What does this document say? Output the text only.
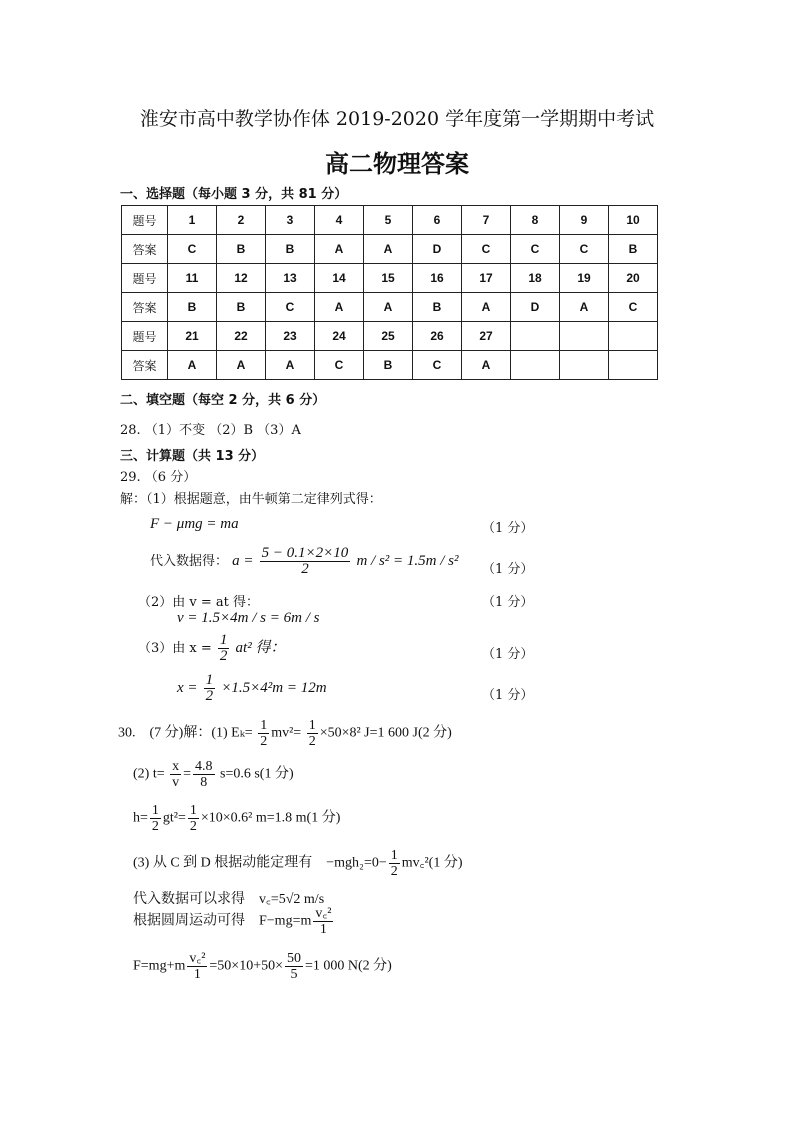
淮安市高中教学协作体 2019-2020 学年度第一学期期中考试
高二物理答案
一、选择题（每小题 3 分，共 81 分）
题号	1	2	3	4	5	6	7	8	9	10
答案	C	B	B	A	A	D	C	C	C	B
题号	11	12	13	14	15	16	17	18	19	20
答案	B	B	C	A	A	B	A	D	A	C
题号	21	22	23	24	25	26	27			
答案	A	A	A	C	B	C	A			
二、填空题（每空 2 分，共 6 分）
28. （1）不变 （2）B （3）A
三、计算题（共 13 分）
29. （6 分）
解：（1）根据题意，由牛顿第二定律列式得：
F − μmg = ma	（1 分）
代入数据得： $a = \frac{5 - 0.1\times 2\times 10}{2}$ m / s² = 1.5m / s²
（1 分）
（2）由 v = at 得：	（1 分）
v = 1.5×4m / s = 6m / s
（3）由 $x = \frac{1}{2} at^2$ 得：	（1 分）
$x = \frac{1}{2} \times 1.5\times 4^2m = 12m$	（1 分）
30.　(7 分)解：(1) $E_k= \frac{1}{2} mv^2= \frac{1}{2} \times 50\times 8^2$ J=1 600 J(2 分)
(2) $t= \frac{x}{v} = \frac{4.8}{8} s=0.6$ s(1 分)
$h= \frac{1}{2} gt^2= \frac{1}{2} \times 10\times 0.6^2$ m=1.8 m(1 分)
(3) 从 C 到 D 根据动能定理有　$-mgh_2=0- \frac{1}{2}$ mv꜀²(1 分)
代入数据可以求得　v꜀=5√2 m/s
根据圆周运动可得　$F-mg=m \frac{\text{v꜀²}}{1}$
$F=mg+m \frac{\text{v꜀²}}{1} =50\times 10+50\times \frac{50}{5} =1$ 000 N(2 分)
